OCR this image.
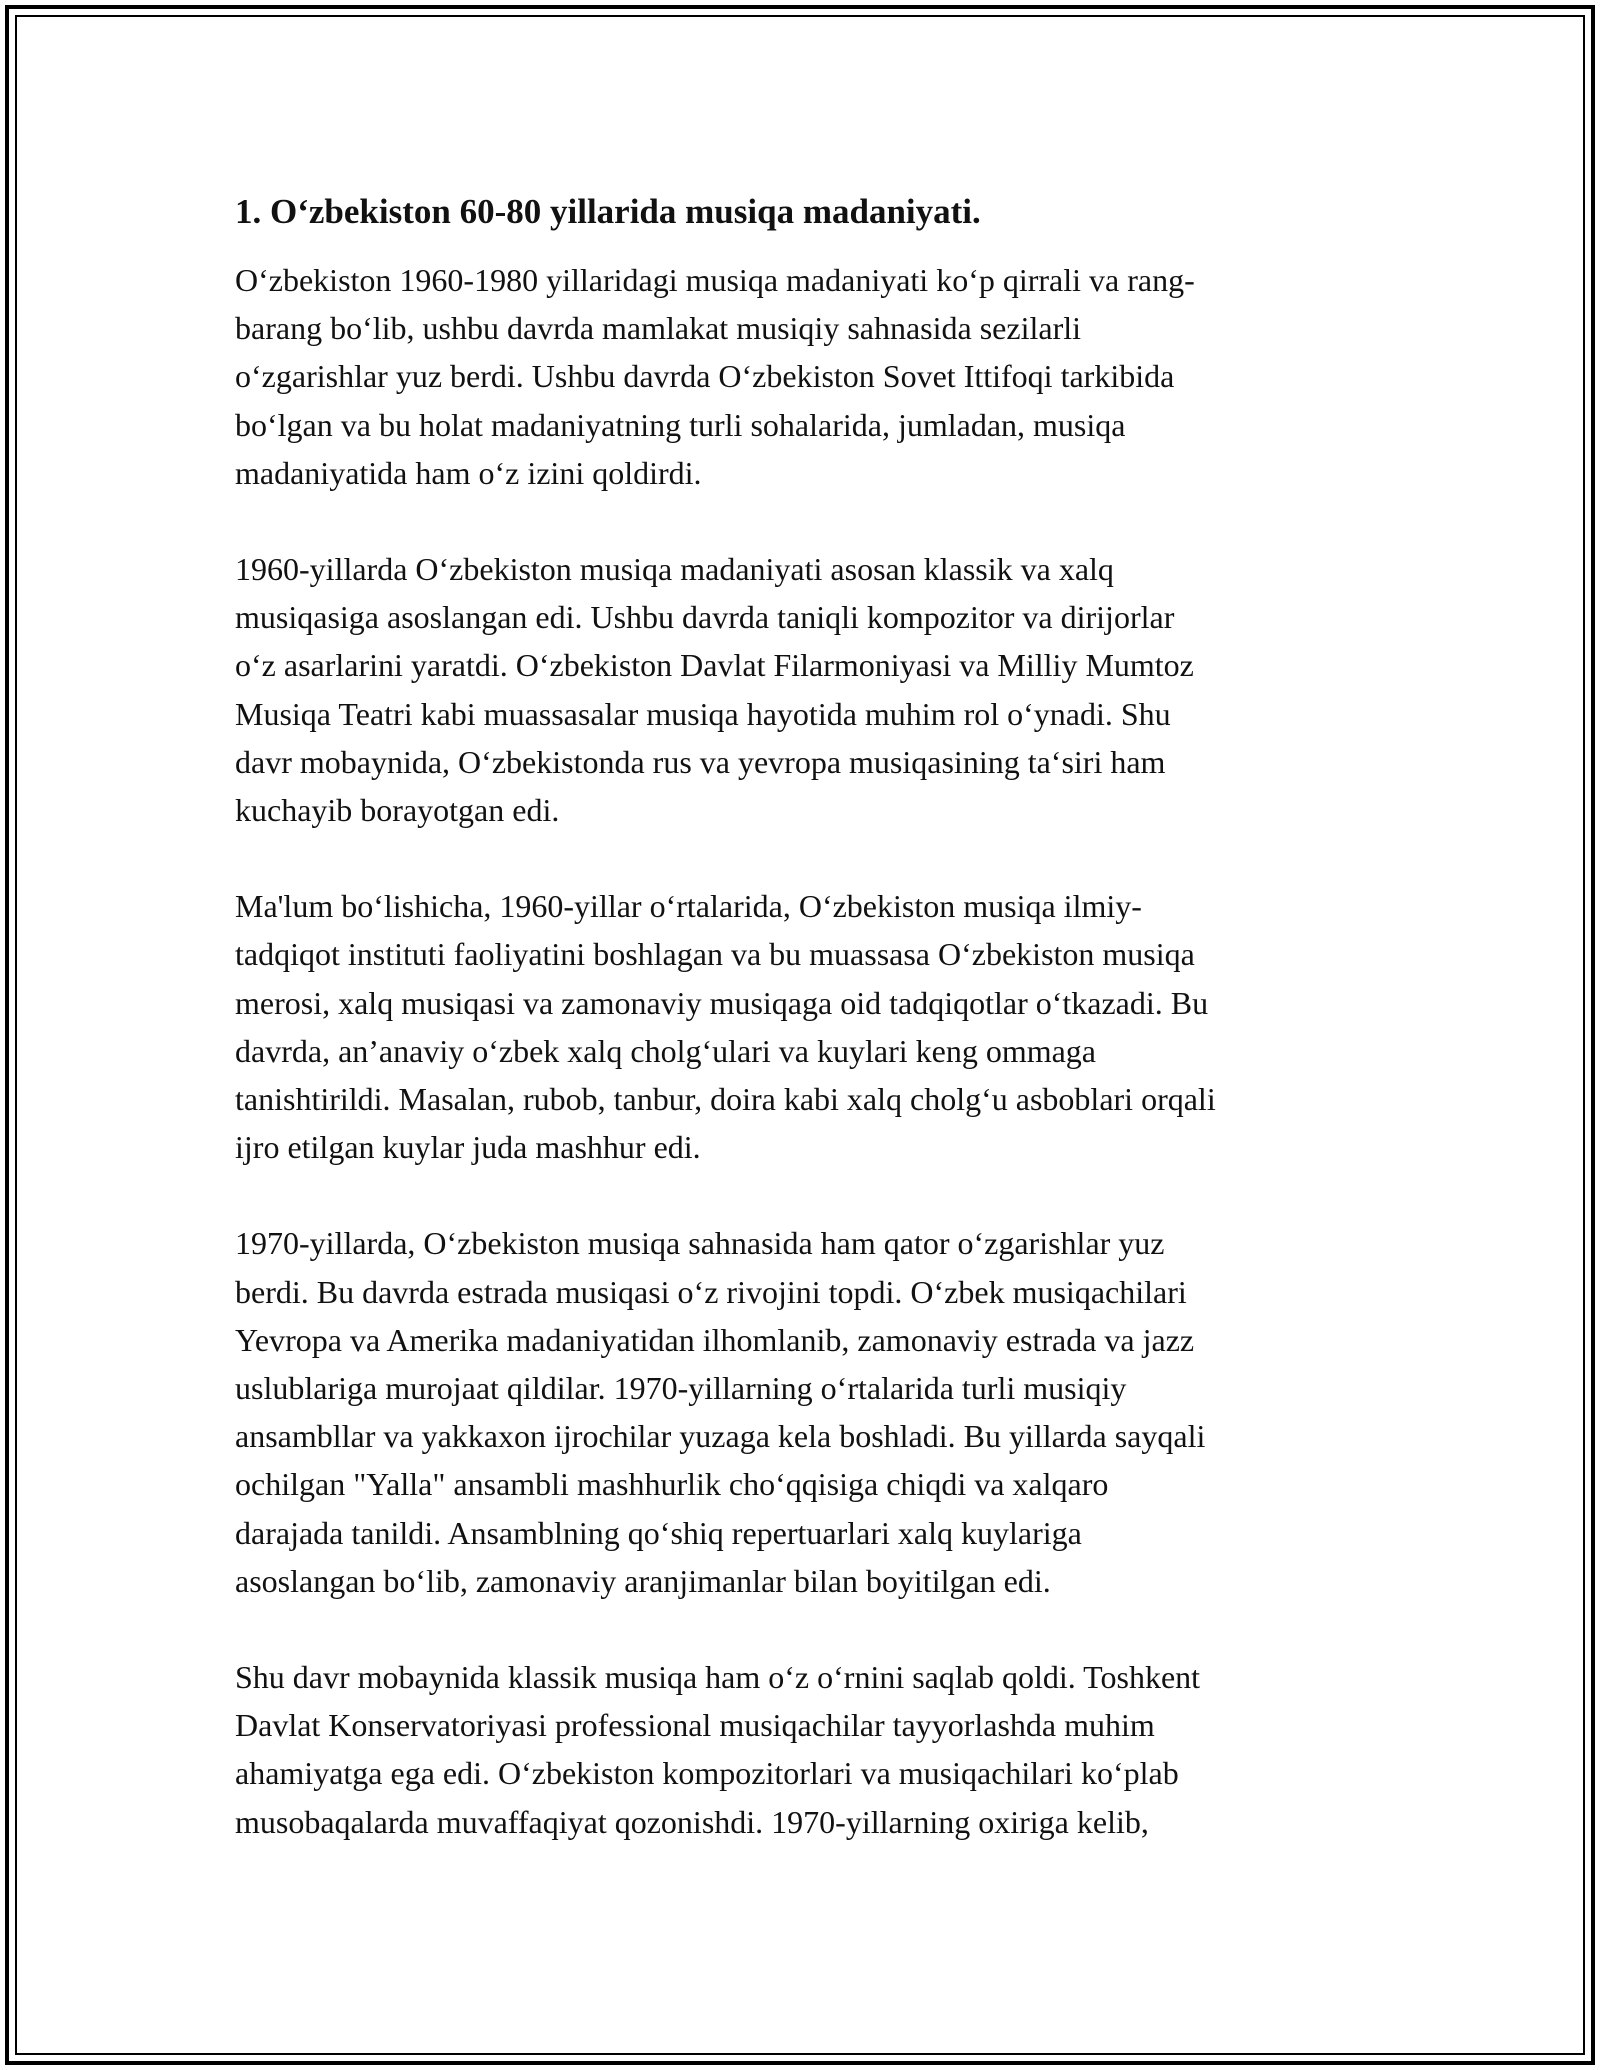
1. O‘zbekiston 60-80 yillarida musiqa madaniyati.

O‘zbekiston 1960-1980 yillaridagi musiqa madaniyati ko‘p qirrali va rang-
barang bo‘lib, ushbu davrda mamlakat musiqiy sahnasida sezilarli
o‘zgarishlar yuz berdi. Ushbu davrda O‘zbekiston Sovet Ittifoqi tarkibida
bo‘lgan va bu holat madaniyatning turli sohalarida, jumladan, musiqa
madaniyatida ham o‘z izini qoldirdi.

1960-yillarda O‘zbekiston musiqa madaniyati asosan klassik va xalq
musiqasiga asoslangan edi. Ushbu davrda taniqli kompozitor va dirijorlar
o‘z asarlarini yaratdi. O‘zbekiston Davlat Filarmoniyasi va Milliy Mumtoz
Musiqa Teatri kabi muassasalar musiqa hayotida muhim rol o‘ynadi. Shu
davr mobaynida, O‘zbekistonda rus va yevropa musiqasining ta‘siri ham
kuchayib borayotgan edi.

Ma'lum bo‘lishicha, 1960-yillar o‘rtalarida, O‘zbekiston musiqa ilmiy-
tadqiqot instituti faoliyatini boshlagan va bu muassasa O‘zbekiston musiqa
merosi, xalq musiqasi va zamonaviy musiqaga oid tadqiqotlar o‘tkazadi. Bu
davrda, an’anaviy o‘zbek xalq cholg‘ulari va kuylari keng ommaga
tanishtirildi. Masalan, rubob, tanbur, doira kabi xalq cholg‘u asboblari orqali
ijro etilgan kuylar juda mashhur edi.

1970-yillarda, O‘zbekiston musiqa sahnasida ham qator o‘zgarishlar yuz
berdi. Bu davrda estrada musiqasi o‘z rivojini topdi. O‘zbek musiqachilari
Yevropa va Amerika madaniyatidan ilhomlanib, zamonaviy estrada va jazz
uslublariga murojaat qildilar. 1970-yillarning o‘rtalarida turli musiqiy
ansambllar va yakkaxon ijrochilar yuzaga kela boshladi. Bu yillarda sayqali
ochilgan "Yalla" ansambli mashhurlik cho‘qqisiga chiqdi va xalqaro
darajada tanildi. Ansamblning qo‘shiq repertuarlari xalq kuylariga
asoslangan bo‘lib, zamonaviy aranjimanlar bilan boyitilgan edi.

Shu davr mobaynida klassik musiqa ham o‘z o‘rnini saqlab qoldi. Toshkent
Davlat Konservatoriyasi professional musiqachilar tayyorlashda muhim
ahamiyatga ega edi. O‘zbekiston kompozitorlari va musiqachilari ko‘plab
musobaqalarda muvaffaqiyat qozonishdi. 1970-yillarning oxiriga kelib,
